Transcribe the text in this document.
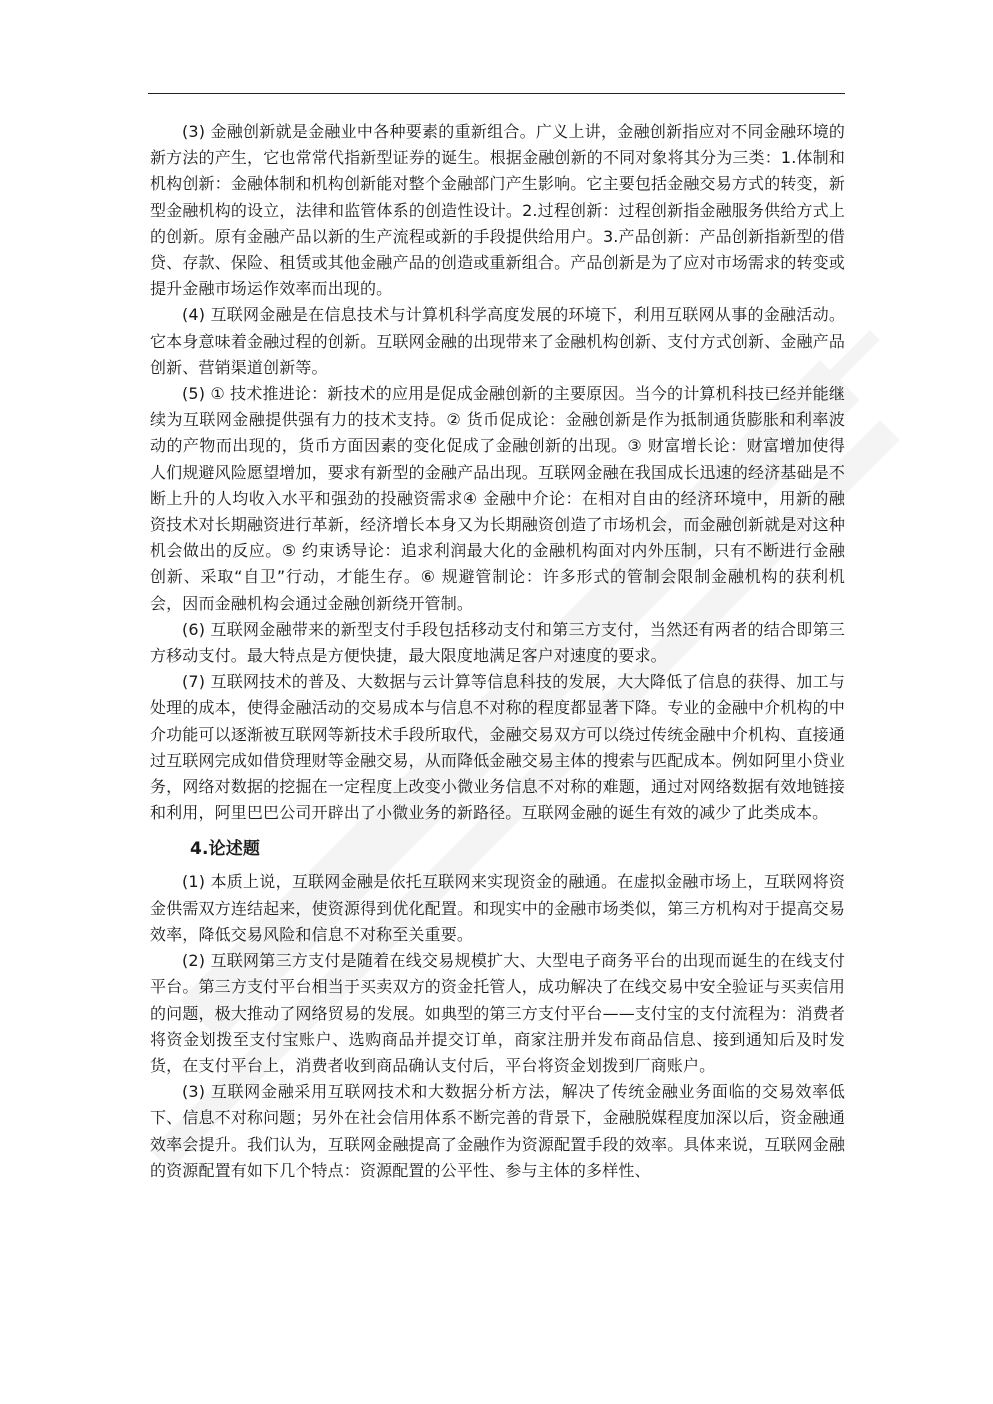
(3) 金融创新就是金融业中各种要素的重新组合。广义上讲，金融创新指应对不同金融环境的新方法的产生，它也常常代指新型证券的诞生。根据金融创新的不同对象将其分为三类：1.体制和机构创新：金融体制和机构创新能对整个金融部门产生影响。它主要包括金融交易方式的转变，新型金融机构的设立，法律和监管体系的创造性设计。2.过程创新：过程创新指金融服务供给方式上的创新。原有金融产品以新的生产流程或新的手段提供给用户。3.产品创新：产品创新指新型的借贷、存款、保险、租赁或其他金融产品的创造或重新组合。产品创新是为了应对市场需求的转变或提升金融市场运作效率而出现的。

(4) 互联网金融是在信息技术与计算机科学高度发展的环境下，利用互联网从事的金融活动。它本身意味着金融过程的创新。互联网金融的出现带来了金融机构创新、支付方式创新、金融产品创新、营销渠道创新等。

(5) ① 技术推进论：新技术的应用是促成金融创新的主要原因。当今的计算机科技已经并能继续为互联网金融提供强有力的技术支持。② 货币促成论：金融创新是作为抵制通货膨胀和利率波动的产物而出现的，货币方面因素的变化促成了金融创新的出现。③ 财富增长论：财富增加使得人们规避风险愿望增加，要求有新型的金融产品出现。互联网金融在我国成长迅速的经济基础是不断上升的人均收入水平和强劲的投融资需求④ 金融中介论：在相对自由的经济环境中，用新的融资技术对长期融资进行革新，经济增长本身又为长期融资创造了市场机会，而金融创新就是对这种机会做出的反应。⑤ 约束诱导论：追求利润最大化的金融机构面对内外压制，只有不断进行金融创新、采取“自卫”行动，才能生存。⑥ 规避管制论：许多形式的管制会限制金融机构的获利机会，因而金融机构会通过金融创新绕开管制。

(6) 互联网金融带来的新型支付手段包括移动支付和第三方支付，当然还有两者的结合即第三方移动支付。最大特点是方便快捷，最大限度地满足客户对速度的要求。

(7) 互联网技术的普及、大数据与云计算等信息科技的发展，大大降低了信息的获得、加工与处理的成本，使得金融活动的交易成本与信息不对称的程度都显著下降。专业的金融中介机构的中介功能可以逐渐被互联网等新技术手段所取代，金融交易双方可以绕过传统金融中介机构、直接通过互联网完成如借贷理财等金融交易，从而降低金融交易主体的搜索与匹配成本。例如阿里小贷业务，网络对数据的挖掘在一定程度上改变小微业务信息不对称的难题，通过对网络数据有效地链接和利用，阿里巴巴公司开辟出了小微业务的新路径。互联网金融的诞生有效的减少了此类成本。

4.论述题

(1) 本质上说，互联网金融是依托互联网来实现资金的融通。在虚拟金融市场上，互联网将资金供需双方连结起来，使资源得到优化配置。和现实中的金融市场类似，第三方机构对于提高交易效率，降低交易风险和信息不对称至关重要。

(2) 互联网第三方支付是随着在线交易规模扩大、大型电子商务平台的出现而诞生的在线支付平台。第三方支付平台相当于买卖双方的资金托管人，成功解决了在线交易中安全验证与买卖信用的问题，极大推动了网络贸易的发展。如典型的第三方支付平台——支付宝的支付流程为：消费者将资金划拨至支付宝账户、选购商品并提交订单，商家注册并发布商品信息、接到通知后及时发货，在支付平台上，消费者收到商品确认支付后，平台将资金划拨到厂商账户。

(3) 互联网金融采用互联网技术和大数据分析方法，解决了传统金融业务面临的交易效率低下、信息不对称问题；另外在社会信用体系不断完善的背景下，金融脱媒程度加深以后，资金融通效率会提升。我们认为，互联网金融提高了金融作为资源配置手段的效率。具体来说，互联网金融的资源配置有如下几个特点：资源配置的公平性、参与主体的多样性、
